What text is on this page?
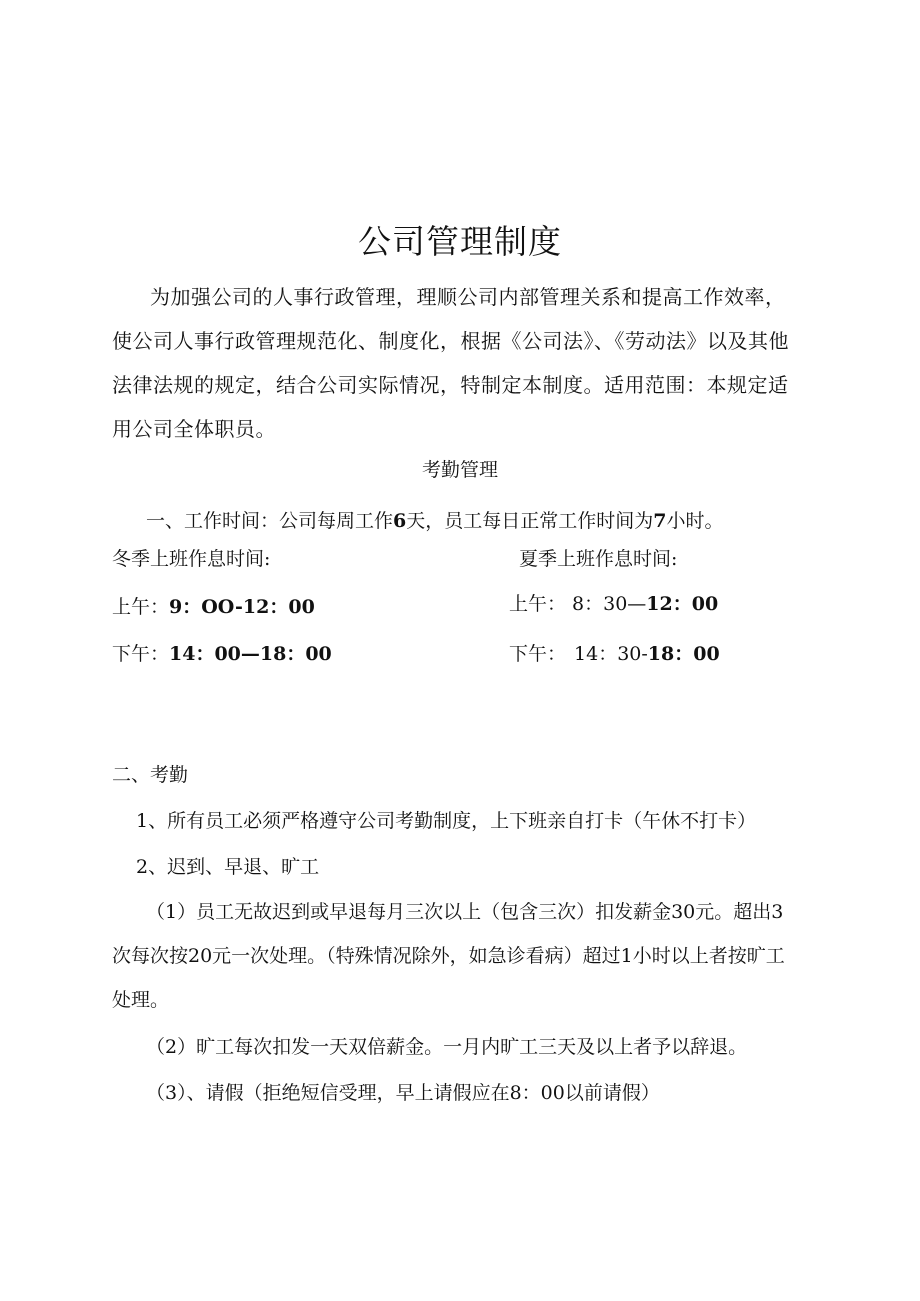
公司管理制度
为加强公司的人事行政管理，理顺公司内部管理关系和提高工作效率，使公司人事行政管理规范化、制度化，根据《公司法》、《劳动法》以及其他法律法规的规定，结合公司实际情况，特制定本制度。适用范围：本规定适用公司全体职员。
考勤管理
一、工作时间：公司每周工作6天，员工每日正常工作时间为7小时。
冬季上班作息时间:	夏季上班作息时间:
上午：9：OO-12：00	上午： 8：30—12：00
下午：14：00—18：00	下午： 14：30-18：00
二、考勤
1、所有员工必须严格遵守公司考勤制度，上下班亲自打卡（午休不打卡）
2、迟到、早退、旷工
（1）员工无故迟到或早退每月三次以上（包含三次）扣发薪金30元。超出3次每次按20元一次处理。（特殊情况除外，如急诊看病）超过1小时以上者按旷工处理。
（2）旷工每次扣发一天双倍薪金。一月内旷工三天及以上者予以辞退。
（3）、请假（拒绝短信受理，早上请假应在8：00以前请假）
